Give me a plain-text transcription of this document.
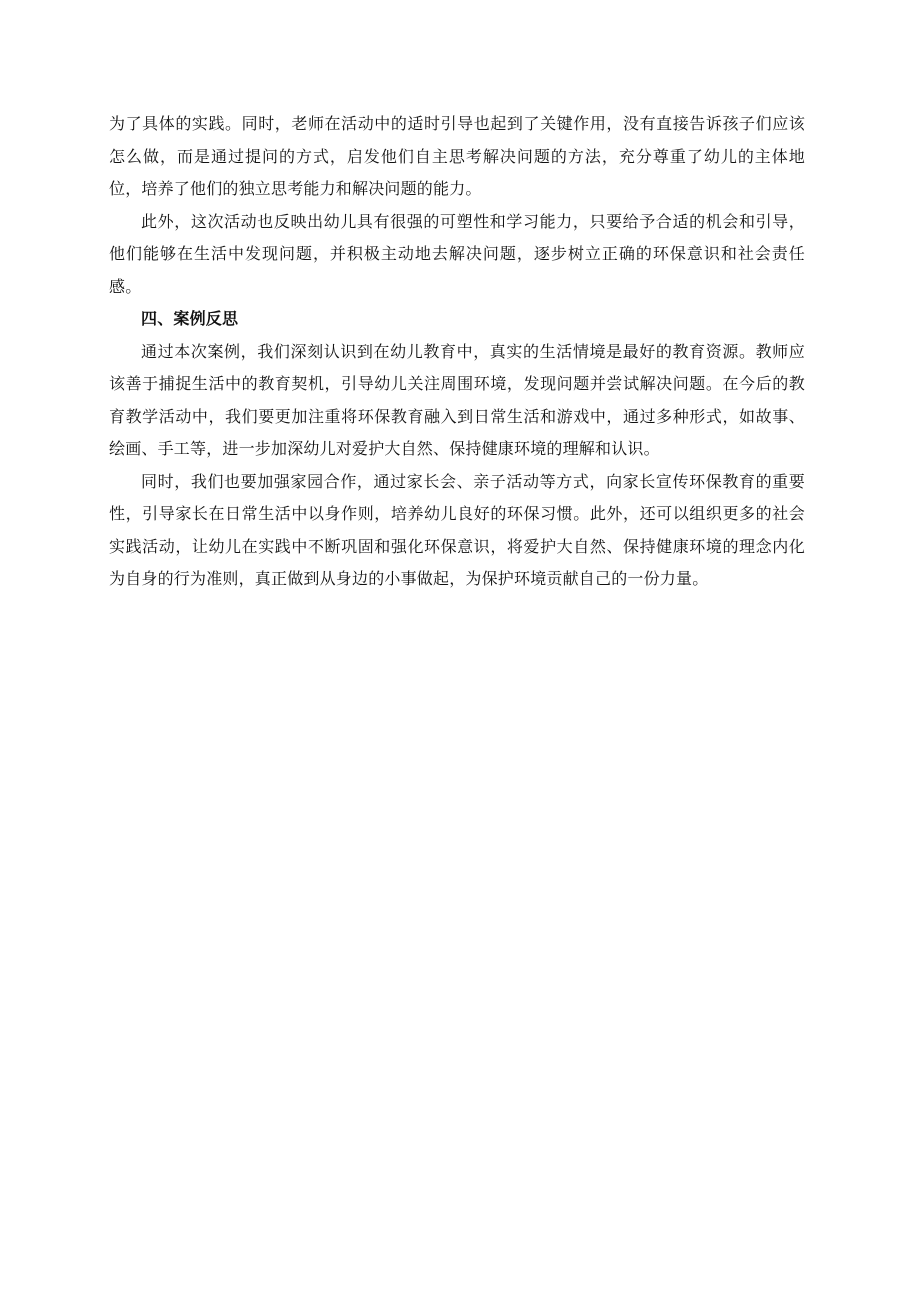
为了具体的实践。同时，老师在活动中的适时引导也起到了关键作用，没有直接告诉孩子们应该怎么做，而是通过提问的方式，启发他们自主思考解决问题的方法，充分尊重了幼儿的主体地位，培养了他们的独立思考能力和解决问题的能力。

此外，这次活动也反映出幼儿具有很强的可塑性和学习能力，只要给予合适的机会和引导，他们能够在生活中发现问题，并积极主动地去解决问题，逐步树立正确的环保意识和社会责任感。

四、案例反思

通过本次案例，我们深刻认识到在幼儿教育中，真实的生活情境是最好的教育资源。教师应该善于捕捉生活中的教育契机，引导幼儿关注周围环境，发现问题并尝试解决问题。在今后的教育教学活动中，我们要更加注重将环保教育融入到日常生活和游戏中，通过多种形式，如故事、绘画、手工等，进一步加深幼儿对爱护大自然、保持健康环境的理解和认识。

同时，我们也要加强家园合作，通过家长会、亲子活动等方式，向家长宣传环保教育的重要性，引导家长在日常生活中以身作则，培养幼儿良好的环保习惯。此外，还可以组织更多的社会实践活动，让幼儿在实践中不断巩固和强化环保意识，将爱护大自然、保持健康环境的理念内化为自身的行为准则，真正做到从身边的小事做起，为保护环境贡献自己的一份力量。
